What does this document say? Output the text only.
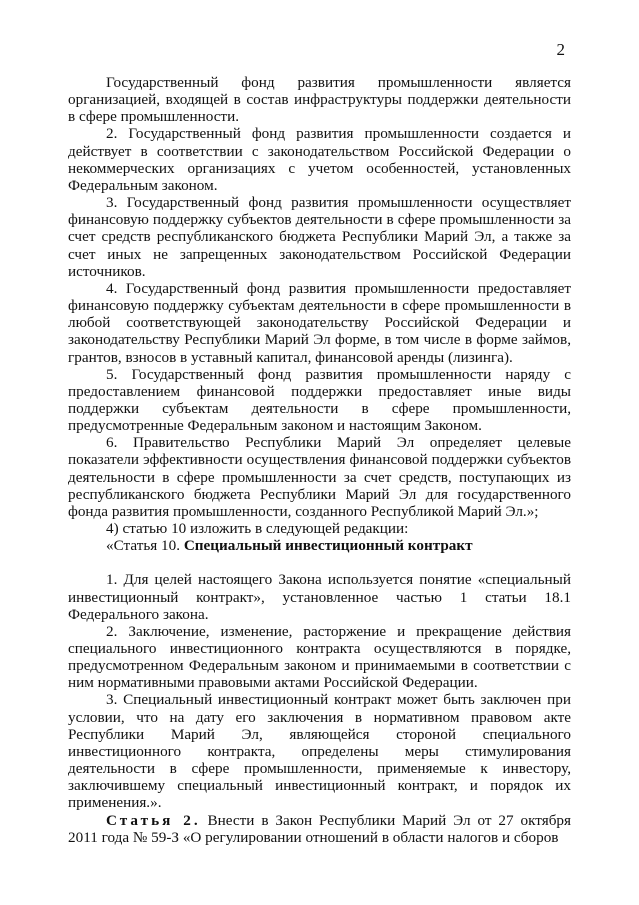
2

Государственный фонд развития промышленности является организацией, входящей в состав инфраструктуры поддержки деятельности в сфере промышленности.

2. Государственный фонд развития промышленности создается и действует в соответствии с законодательством Российской Федерации о некоммерческих организациях с учетом особенностей, установленных Федеральным законом.

3. Государственный фонд развития промышленности осуществляет финансовую поддержку субъектов деятельности в сфере промышленности за счет средств республиканского бюджета Республики Марий Эл, а также за счет иных не запрещенных законодательством Российской Федерации источников.

4. Государственный фонд развития промышленности предоставляет финансовую поддержку субъектам деятельности в сфере промышленности в любой соответствующей законодательству Российской Федерации и законодательству Республики Марий Эл форме, в том числе в форме займов, грантов, взносов в уставный капитал, финансовой аренды (лизинга).

5. Государственный фонд развития промышленности наряду с предоставлением финансовой поддержки предоставляет иные виды поддержки субъектам деятельности в сфере промышленности, предусмотренные Федеральным законом и настоящим Законом.

6. Правительство Республики Марий Эл определяет целевые показатели эффективности осуществления финансовой поддержки субъектов деятельности в сфере промышленности за счет средств, поступающих из республиканского бюджета Республики Марий Эл для государственного фонда развития промышленности, созданного Республикой Марий Эл.»;

4) статью 10 изложить в следующей редакции:

«Статья 10. Специальный инвестиционный контракт

1. Для целей настоящего Закона используется понятие «специальный инвестиционный контракт», установленное частью 1 статьи 18.1 Федерального закона.

2. Заключение, изменение, расторжение и прекращение действия специального инвестиционного контракта осуществляются в порядке, предусмотренном Федеральным законом и принимаемыми в соответствии с ним нормативными правовыми актами Российской Федерации.

3. Специальный инвестиционный контракт может быть заключен при условии, что на дату его заключения в нормативном правовом акте Республики Марий Эл, являющейся стороной специального инвестиционного контракта, определены меры стимулирования деятельности в сфере промышленности, применяемые к инвестору, заключившему специальный инвестиционный контракт, и порядок их применения.».

Статья 2. Внести в Закон Республики Марий Эл от 27 октября 2011 года № 59-З «О регулировании отношений в области налогов и сборов
